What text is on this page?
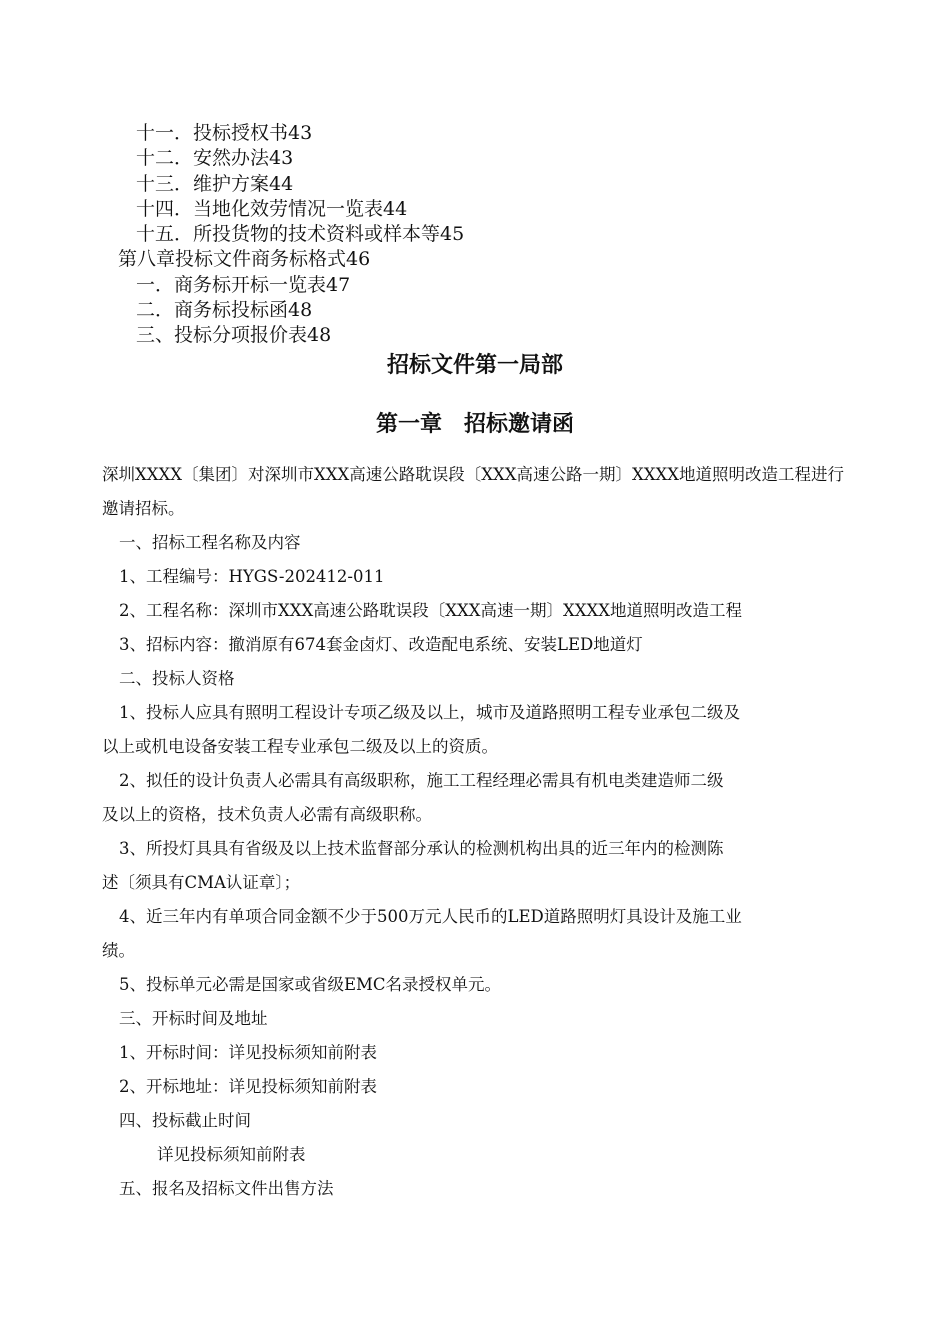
十一．投标授权书43
十二．安然办法43
十三．维护方案44
十四．当地化效劳情况一览表44
十五．所投货物的技术资料或样本等45
第八章投标文件商务标格式46
一．商务标开标一览表47
二．商务标投标函48
三、投标分项报价表48
招标文件第一局部
第一章　招标邀请函
深圳XXXX〔集团〕对深圳市XXX高速公路耽误段〔XXX高速公路一期〕XXXX地道照明改造工程进行邀请招标。
一、招标工程名称及内容
1、工程编号：HYGS-202412-011
2、工程名称：深圳市XXX高速公路耽误段〔XXX高速一期〕XXXX地道照明改造工程
3、招标内容：撤消原有674套金卤灯、改造配电系统、安装LED地道灯
二、投标人资格
1、投标人应具有照明工程设计专项乙级及以上，城市及道路照明工程专业承包二级及
以上或机电设备安装工程专业承包二级及以上的资质。
2、拟任的设计负责人必需具有高级职称，施工工程经理必需具有机电类建造师二级
及以上的资格，技术负责人必需有高级职称。
3、所投灯具具有省级及以上技术监督部分承认的检测机构出具的近三年内的检测陈
述〔须具有CMA认证章〕；
4、近三年内有单项合同金额不少于500万元人民币的LED道路照明灯具设计及施工业
绩。
5、投标单元必需是国家或省级EMC名录授权单元。
三、开标时间及地址
1、开标时间：详见投标须知前附表
2、开标地址：详见投标须知前附表
四、投标截止时间
详见投标须知前附表
五、报名及招标文件出售方法
